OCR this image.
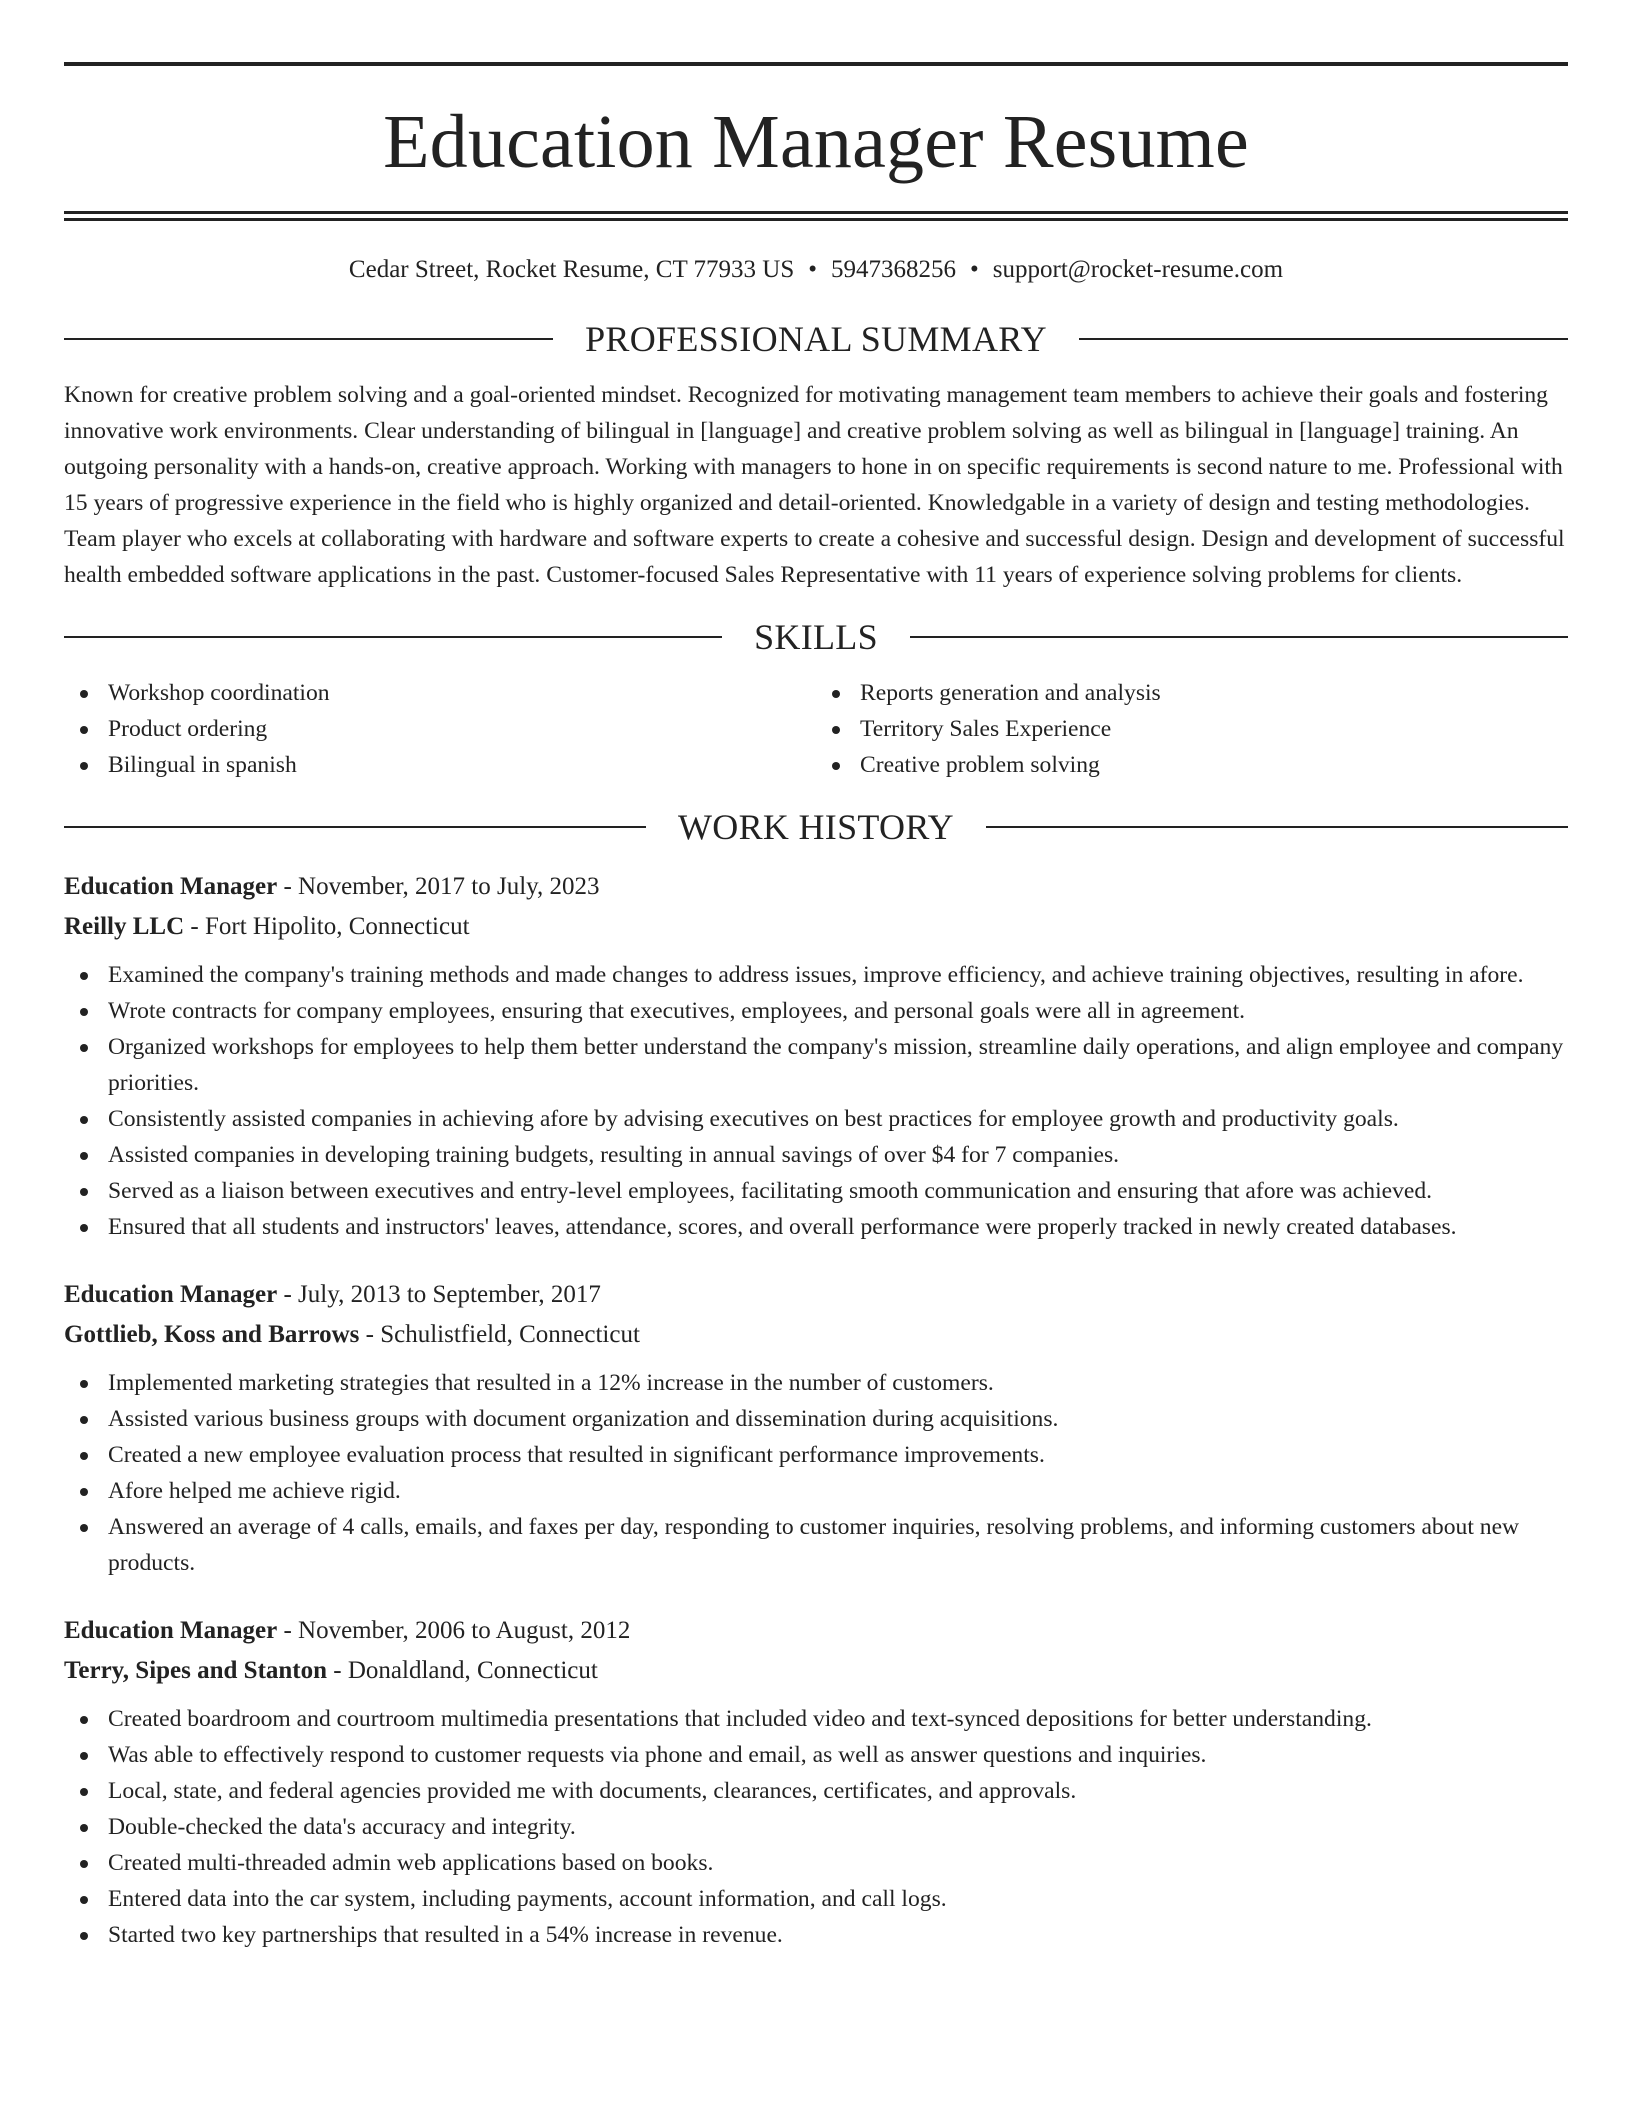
Education Manager Resume
Cedar Street, Rocket Resume, CT 77933 US • 5947368256 • support@rocket-resume.com
PROFESSIONAL SUMMARY

Known for creative problem solving and a goal-oriented mindset. Recognized for motivating management team members to achieve their goals and fostering innovative work environments. Clear understanding of bilingual in [language] and creative problem solving as well as bilingual in [language] training. An outgoing personality with a hands-on, creative approach. Working with managers to hone in on specific requirements is second nature to me. Professional with 15 years of progressive experience in the field who is highly organized and detail-oriented. Knowledgable in a variety of design and testing methodologies. Team player who excels at collaborating with hardware and software experts to create a cohesive and successful design. Design and development of successful health embedded software applications in the past. Customer-focused Sales Representative with 11 years of experience solving problems for clients.

SKILLS
Workshop coordination
Product ordering
Bilingual in spanish
Reports generation and analysis
Territory Sales Experience
Creative problem solving
WORK HISTORY
Education Manager - November, 2017 to July, 2023
Reilly LLC - Fort Hipolito, Connecticut
Examined the company's training methods and made changes to address issues, improve efficiency, and achieve training objectives, resulting in afore.
Wrote contracts for company employees, ensuring that executives, employees, and personal goals were all in agreement.
Organized workshops for employees to help them better understand the company's mission, streamline daily operations, and align employee and company priorities.
Consistently assisted companies in achieving afore by advising executives on best practices for employee growth and productivity goals.
Assisted companies in developing training budgets, resulting in annual savings of over $4 for 7 companies.
Served as a liaison between executives and entry-level employees, facilitating smooth communication and ensuring that afore was achieved.
Ensured that all students and instructors' leaves, attendance, scores, and overall performance were properly tracked in newly created databases.
Education Manager - July, 2013 to September, 2017
Gottlieb, Koss and Barrows - Schulistfield, Connecticut
Implemented marketing strategies that resulted in a 12% increase in the number of customers.
Assisted various business groups with document organization and dissemination during acquisitions.
Created a new employee evaluation process that resulted in significant performance improvements.
Afore helped me achieve rigid.
Answered an average of 4 calls, emails, and faxes per day, responding to customer inquiries, resolving problems, and informing customers about new products.
Education Manager - November, 2006 to August, 2012
Terry, Sipes and Stanton - Donaldland, Connecticut
Created boardroom and courtroom multimedia presentations that included video and text-synced depositions for better understanding.
Was able to effectively respond to customer requests via phone and email, as well as answer questions and inquiries.
Local, state, and federal agencies provided me with documents, clearances, certificates, and approvals.
Double-checked the data's accuracy and integrity.
Created multi-threaded admin web applications based on books.
Entered data into the car system, including payments, account information, and call logs.
Started two key partnerships that resulted in a 54% increase in revenue.
